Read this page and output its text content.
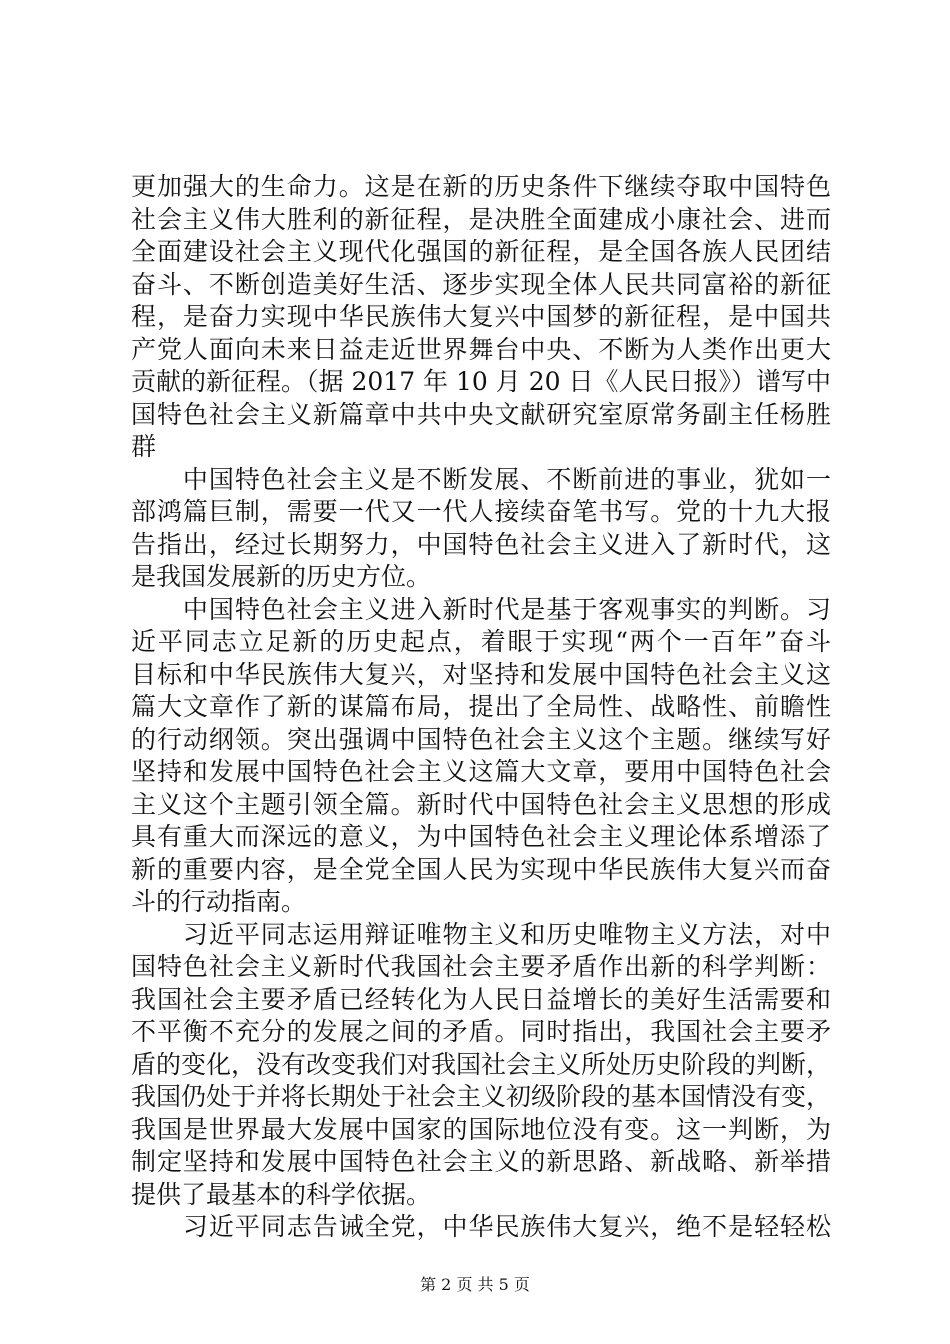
更加强大的生命力。这是在新的历史条件下继续夺取中国特色
社会主义伟大胜利的新征程，是决胜全面建成小康社会、进而
全面建设社会主义现代化强国的新征程，是全国各族人民团结
奋斗、不断创造美好生活、逐步实现全体人民共同富裕的新征
程，是奋力实现中华民族伟大复兴中国梦的新征程，是中国共
产党人面向未来日益走近世界舞台中央、不断为人类作出更大
贡献的新征程。（据 2017 年 10 月 20 日《人民日报》）谱写中
国特色社会主义新篇章中共中央文献研究室原常务副主任杨胜
群
　　中国特色社会主义是不断发展、不断前进的事业，犹如一
部鸿篇巨制，需要一代又一代人接续奋笔书写。党的十九大报
告指出，经过长期努力，中国特色社会主义进入了新时代，这
是我国发展新的历史方位。
　　中国特色社会主义进入新时代是基于客观事实的判断。习
近平同志立足新的历史起点，着眼于实现“两个一百年”奋斗
目标和中华民族伟大复兴，对坚持和发展中国特色社会主义这
篇大文章作了新的谋篇布局，提出了全局性、战略性、前瞻性
的行动纲领。突出强调中国特色社会主义这个主题。继续写好
坚持和发展中国特色社会主义这篇大文章，要用中国特色社会
主义这个主题引领全篇。新时代中国特色社会主义思想的形成
具有重大而深远的意义，为中国特色社会主义理论体系增添了
新的重要内容，是全党全国人民为实现中华民族伟大复兴而奋
斗的行动指南。
　　习近平同志运用辩证唯物主义和历史唯物主义方法，对中
国特色社会主义新时代我国社会主要矛盾作出新的科学判断：
我国社会主要矛盾已经转化为人民日益增长的美好生活需要和
不平衡不充分的发展之间的矛盾。同时指出，我国社会主要矛
盾的变化，没有改变我们对我国社会主义所处历史阶段的判断，
我国仍处于并将长期处于社会主义初级阶段的基本国情没有变，
我国是世界最大发展中国家的国际地位没有变。这一判断，为
制定坚持和发展中国特色社会主义的新思路、新战略、新举措
提供了最基本的科学依据。
　　习近平同志告诫全党，中华民族伟大复兴，绝不是轻轻松
第 2 页 共 5 页
